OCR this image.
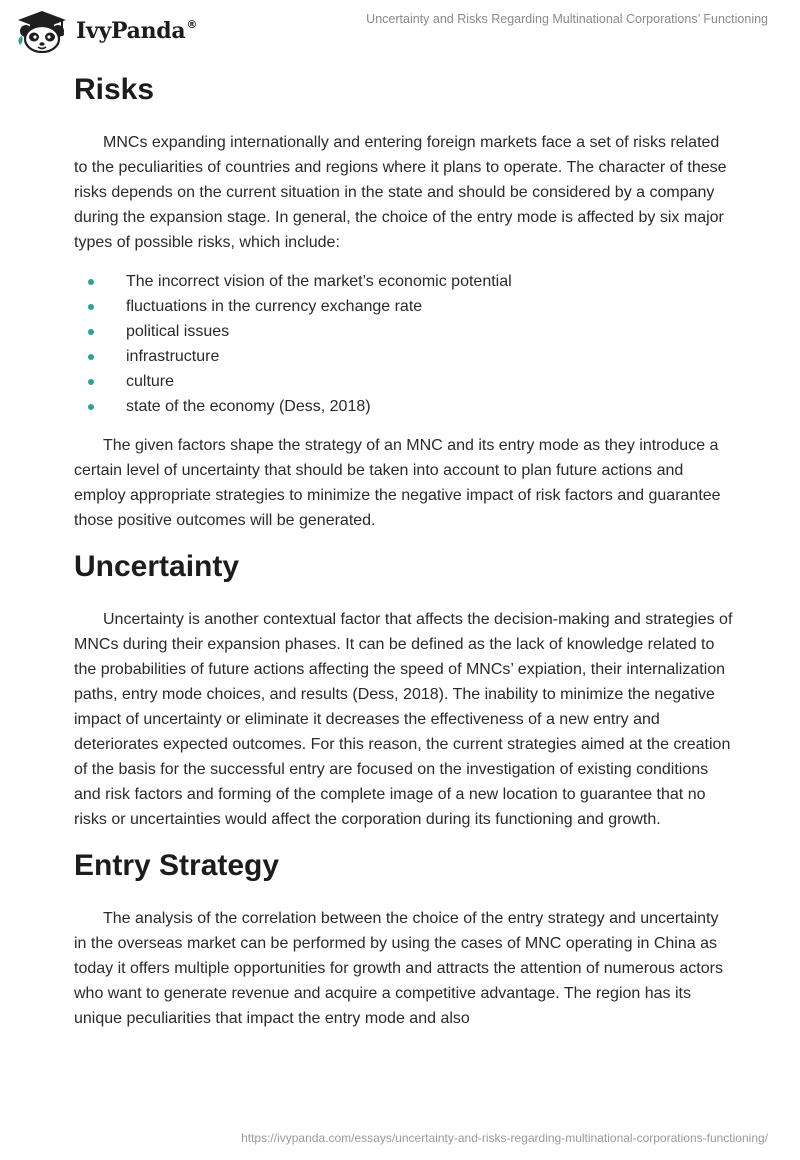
IvyPanda®	Uncertainty and Risks Regarding Multinational Corporations’ Functioning
Risks

MNCs expanding internationally and entering foreign markets face a set of risks related to the peculiarities of countries and regions where it plans to operate. The character of these risks depends on the current situation in the state and should be considered by a company during the expansion stage. In general, the choice of the entry mode is affected by six major types of possible risks, which include:

The incorrect vision of the market’s economic potential
fluctuations in the currency exchange rate
political issues
infrastructure
culture
state of the economy (Dess, 2018)

The given factors shape the strategy of an MNC and its entry mode as they introduce a certain level of uncertainty that should be taken into account to plan future actions and employ appropriate strategies to minimize the negative impact of risk factors and guarantee those positive outcomes will be generated.

Uncertainty

Uncertainty is another contextual factor that affects the decision-making and strategies of MNCs during their expansion phases. It can be defined as the lack of knowledge related to the probabilities of future actions affecting the speed of MNCs’ expiation, their internalization paths, entry mode choices, and results (Dess, 2018). The inability to minimize the negative impact of uncertainty or eliminate it decreases the effectiveness of a new entry and deteriorates expected outcomes. For this reason, the current strategies aimed at the creation of the basis for the successful entry are focused on the investigation of existing conditions and risk factors and forming of the complete image of a new location to guarantee that no risks or uncertainties would affect the corporation during its functioning and growth.

Entry Strategy

The analysis of the correlation between the choice of the entry strategy and uncertainty in the overseas market can be performed by using the cases of MNC operating in China as today it offers multiple opportunities for growth and attracts the attention of numerous actors who want to generate revenue and acquire a competitive advantage. The region has its unique peculiarities that impact the entry mode and also

https://ivypanda.com/essays/uncertainty-and-risks-regarding-multinational-corporations-functioning/
